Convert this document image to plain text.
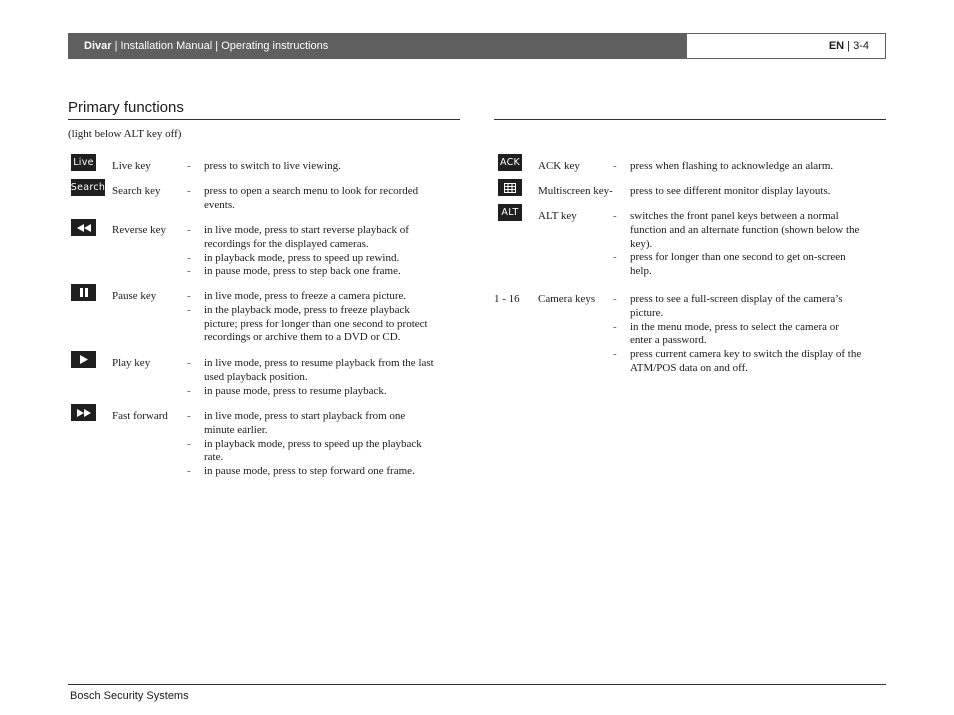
Divar | Installation Manual | Operating instructions	EN | 3-4
Primary functions
(light below ALT key off)
Live
Search
Live key
Search key
Reverse key
Pause key
Play key
Fast forward
- press to switch to live viewing.
- press to open a search menu to look for recorded
events.
- in live mode, press to start reverse playback of
recordings for the displayed cameras.
- in playback mode, press to speed up rewind.
- in pause mode, press to step back one frame.
- in live mode, press to freeze a camera picture.
- in the playback mode, press to freeze playback
picture; press for longer than one second to protect
recordings or archive them to a DVD or CD.
- in live mode, press to resume playback from the last
used playback position.
- in pause mode, press to resume playback.
- in live mode, press to start playback from one
minute earlier.
- in playback mode, press to speed up the playback
rate.
- in pause mode, press to step forward one frame.
ACK
ALT
1 - 16
ACK key
Multiscreen key-
ALT key
Camera keys
- press when flashing to acknowledge an alarm.
press to see different monitor display layouts.
- switches the front panel keys between a normal
function and an alternate function (shown below the
key).
- press for longer than one second to get on-screen
help.
- press to see a full-screen display of the camera’s
picture.
- in the menu mode, press to select the camera or
enter a password.
- press current camera key to switch the display of the
ATM/POS data on and off.
Bosch Security Systems
